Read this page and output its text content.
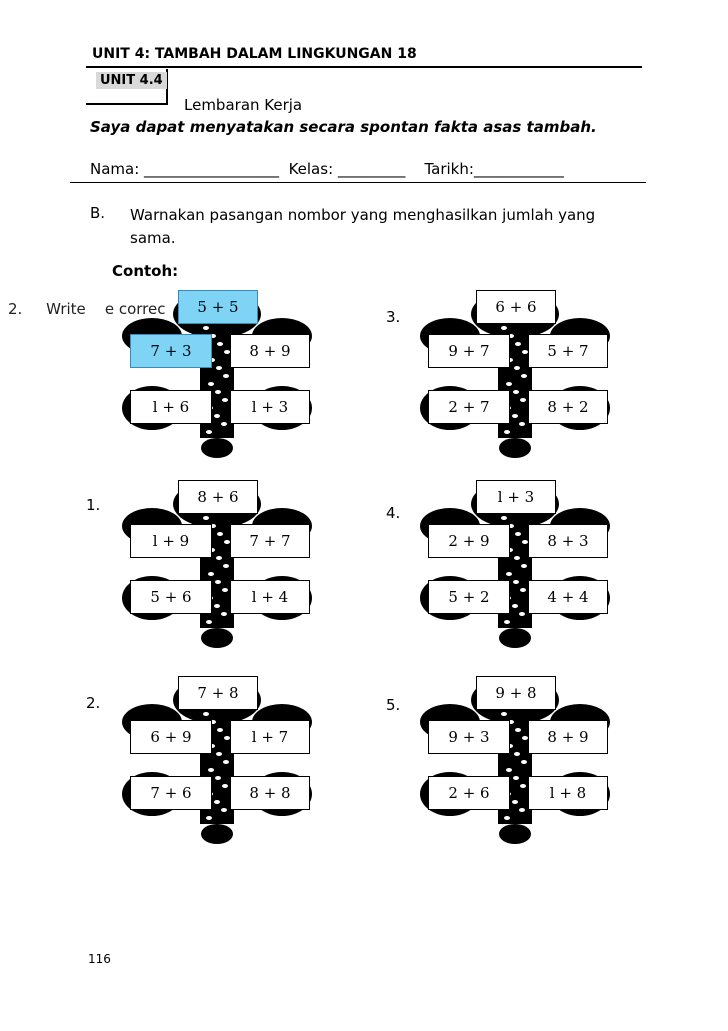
UNIT 4: TAMBAH DALAM LINGKUNGAN 18
UNIT 4.4
Lembaran Kerja
Saya dapat menyatakan secara spontan fakta asas tambah.
Nama: __________________  Kelas: _________    Tarikh:____________
B. Warnakan pasangan nombor yang menghasilkan jumlah yang sama.
Contoh:
2. Write    e correc	5 + 5
7 + 3	8 + 9
l + 6	l + 3
3.
6 + 6
9 + 7	5 + 7
2 + 7	8 + 2
1.	8 + 6
l + 9	7 + 7
5 + 6	l + 4
4.
l + 3
2 + 9	8 + 3
5 + 2	4 + 4
2.
7 + 8
6 + 9	l + 7
7 + 6	8 + 8
5.
9 + 8
9 + 3	8 + 9
2 + 6	l + 8
116
